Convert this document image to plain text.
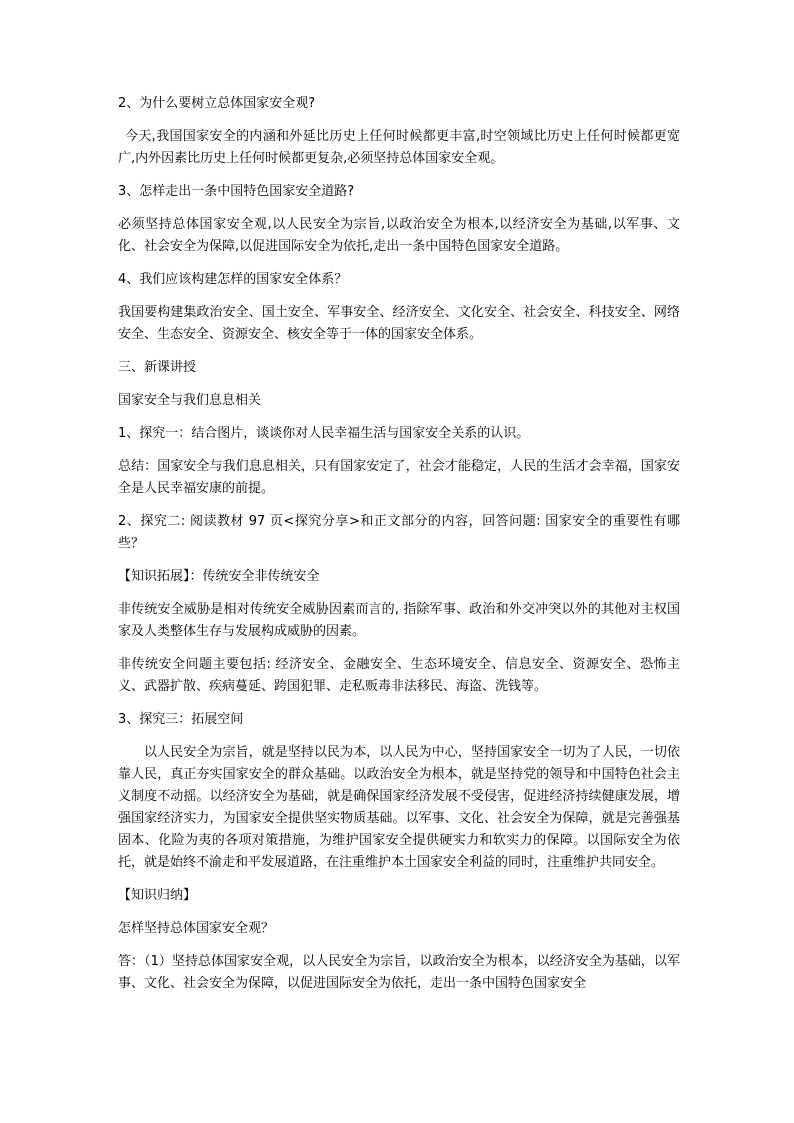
2、为什么要树立总体国家安全观?

今天,我国国家安全的内涵和外延比历史上任何时候都更丰富,时空领域比历史上任何时候都更宽广,内外因素比历史上任何时候都更复杂,必须坚持总体国家安全观。

3、怎样走出一条中国特色国家安全道路?

必须坚持总体国家安全观,以人民安全为宗旨,以政治安全为根本,以经济安全为基础,以军事、文化、社会安全为保障,以促进国际安全为依托,走出一条中国特色国家安全道路。

4、我们应该构建怎样的国家安全体系？

我国要构建集政治安全、国土安全、军事安全、经济安全、文化安全、社会安全、科技安全、网络安全、生态安全、资源安全、核安全等于一体的国家安全体系。

三、新课讲授

国家安全与我们息息相关

1、探究一：结合图片，谈谈你对人民幸福生活与国家安全关系的认识。

总结：国家安全与我们息息相关，只有国家安定了，社会才能稳定，人民的生活才会幸福，国家安全是人民幸福安康的前提。

2、探究二: 阅读教材 97 页<探究分享>和正文部分的内容，回答问题: 国家安全的重要性有哪些？

【知识拓展】：传统安全非传统安全

非传统安全威胁是相对传统安全威胁因素而言的, 指除军事、政治和外交冲突以外的其他对主权国家及人类整体生存与发展构成威胁的因素。

非传统安全问题主要包括: 经济安全、金融安全、生态环境安全、信息安全、资源安全、恐怖主义、武器扩散、疾病蔓延、跨国犯罪、走私贩毒非法移民、海盗、洗钱等。

3、探究三：拓展空间

以人民安全为宗旨，就是坚持以民为本，以人民为中心，坚持国家安全一切为了人民，一切依靠人民，真正夯实国家安全的群众基础。以政治安全为根本，就是坚持党的领导和中国特色社会主义制度不动摇。以经济安全为基础，就是确保国家经济发展不受侵害，促进经济持续健康发展，增强国家经济实力，为国家安全提供坚实物质基础。以军事、文化、社会安全为保障，就是完善强基固本、化险为夷的各项对策措施，为维护国家安全提供硬实力和软实力的保障。以国际安全为依托，就是始终不渝走和平发展道路，在注重维护本土国家安全利益的同时，注重维护共同安全。

【知识归纳】

怎样坚持总体国家安全观？

答：（1）坚持总体国家安全观，以人民安全为宗旨，以政治安全为根本，以经济安全为基础，以军事、文化、社会安全为保障，以促进国际安全为依托，走出一条中国特色国家安全
